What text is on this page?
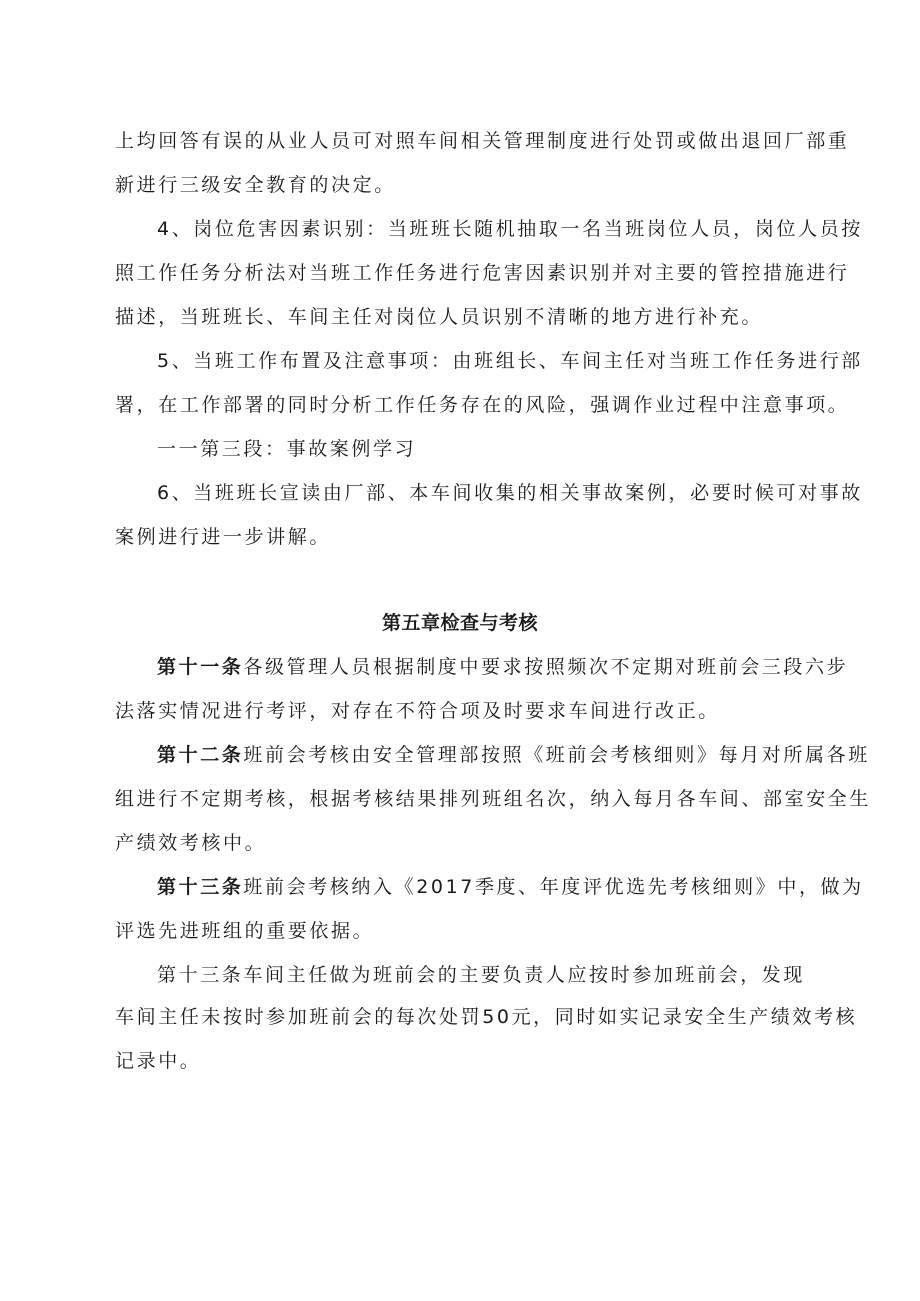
上均回答有误的从业人员可对照车间相关管理制度进行处罚或做出退回厂部重

新进行三级安全教育的决定。

4、岗位危害因素识别：当班班长随机抽取一名当班岗位人员，岗位人员按

照工作任务分析法对当班工作任务进行危害因素识别并对主要的管控措施进行

描述，当班班长、车间主任对岗位人员识别不清晰的地方进行补充。

5、当班工作布置及注意事项：由班组长、车间主任对当班工作任务进行部

署，在工作部署的同时分析工作任务存在的风险，强调作业过程中注意事项。

一一第三段：事故案例学习

6、当班班长宣读由厂部、本车间收集的相关事故案例，必要时候可对事故

案例进行进一步讲解。

第五章检查与考核

第十一条各级管理人员根据制度中要求按照频次不定期对班前会三段六步

法落实情况进行考评，对存在不符合项及时要求车间进行改正。

第十二条班前会考核由安全管理部按照《班前会考核细则》每月对所属各班

组进行不定期考核，根据考核结果排列班组名次，纳入每月各车间、部室安全生

产绩效考核中。

第十三条班前会考核纳入《2017季度、年度评优选先考核细则》中，做为

评选先进班组的重要依据。

第十三条车间主任做为班前会的主要负责人应按时参加班前会，发现

车间主任未按时参加班前会的每次处罚50元，同时如实记录安全生产绩效考核

记录中。
